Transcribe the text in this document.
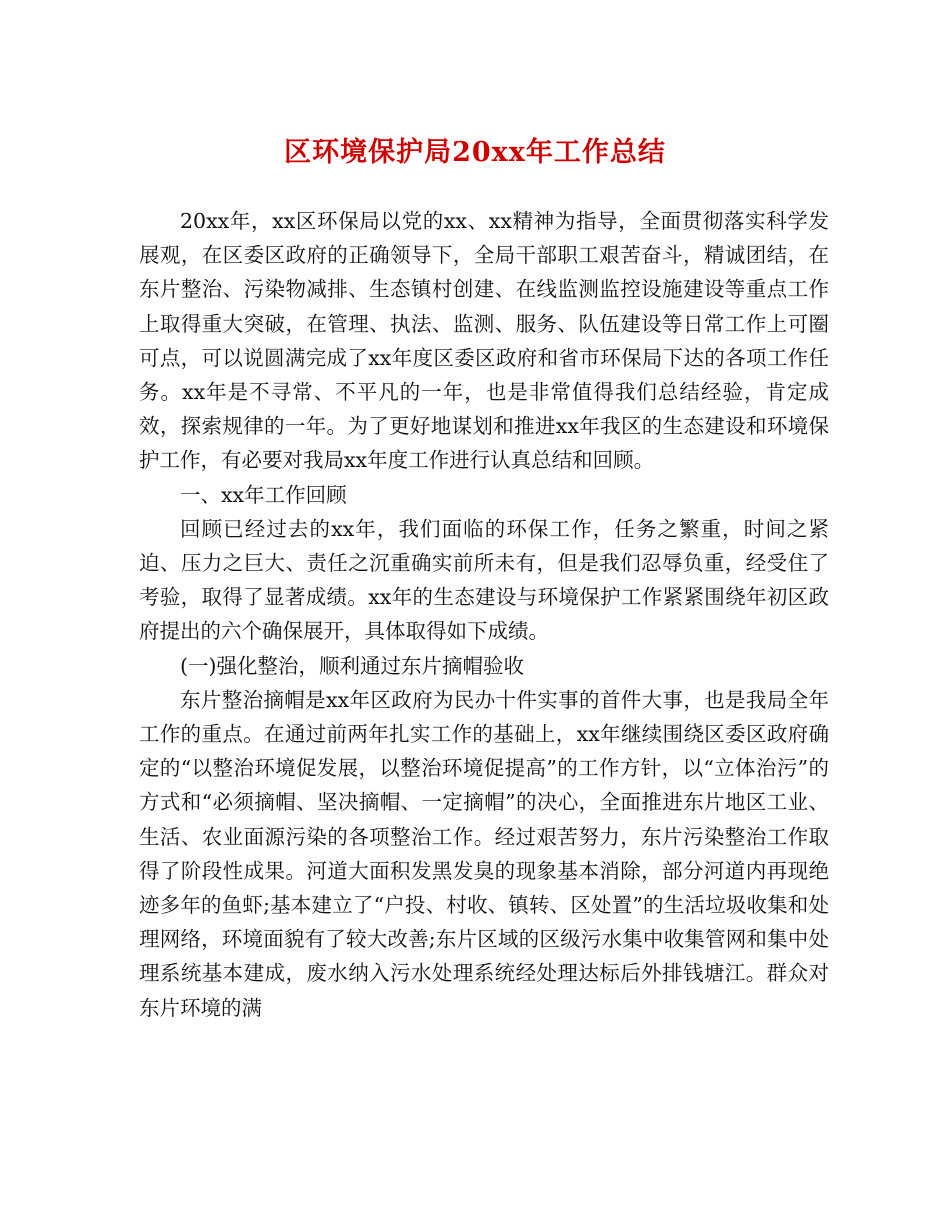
区环境保护局20xx年工作总结

20xx年，xx区环保局以党的xx、xx精神为指导，全面贯彻落实科学发展观，在区委区政府的正确领导下，全局干部职工艰苦奋斗，精诚团结，在东片整治、污染物减排、生态镇村创建、在线监测监控设施建设等重点工作上取得重大突破，在管理、执法、监测、服务、队伍建设等日常工作上可圈可点，可以说圆满完成了xx年度区委区政府和省市环保局下达的各项工作任务。xx年是不寻常、不平凡的一年，也是非常值得我们总结经验，肯定成效，探索规律的一年。为了更好地谋划和推进xx年我区的生态建设和环境保护工作，有必要对我局xx年度工作进行认真总结和回顾。

一、xx年工作回顾

回顾已经过去的xx年，我们面临的环保工作，任务之繁重，时间之紧迫、压力之巨大、责任之沉重确实前所未有，但是我们忍辱负重，经受住了考验，取得了显著成绩。xx年的生态建设与环境保护工作紧紧围绕年初区政府提出的六个确保展开，具体取得如下成绩。

(一)强化整治，顺利通过东片摘帽验收

东片整治摘帽是xx年区政府为民办十件实事的首件大事，也是我局全年工作的重点。在通过前两年扎实工作的基础上，xx年继续围绕区委区政府确定的“以整治环境促发展，以整治环境促提高”的工作方针，以“立体治污”的方式和“必须摘帽、坚决摘帽、一定摘帽”的决心，全面推进东片地区工业、生活、农业面源污染的各项整治工作。经过艰苦努力，东片污染整治工作取得了阶段性成果。河道大面积发黑发臭的现象基本消除，部分河道内再现绝迹多年的鱼虾;基本建立了“户投、村收、镇转、区处置”的生活垃圾收集和处理网络，环境面貌有了较大改善;东片区域的区级污水集中收集管网和集中处理系统基本建成，废水纳入污水处理系统经处理达标后外排钱塘江。群众对东片环境的满
